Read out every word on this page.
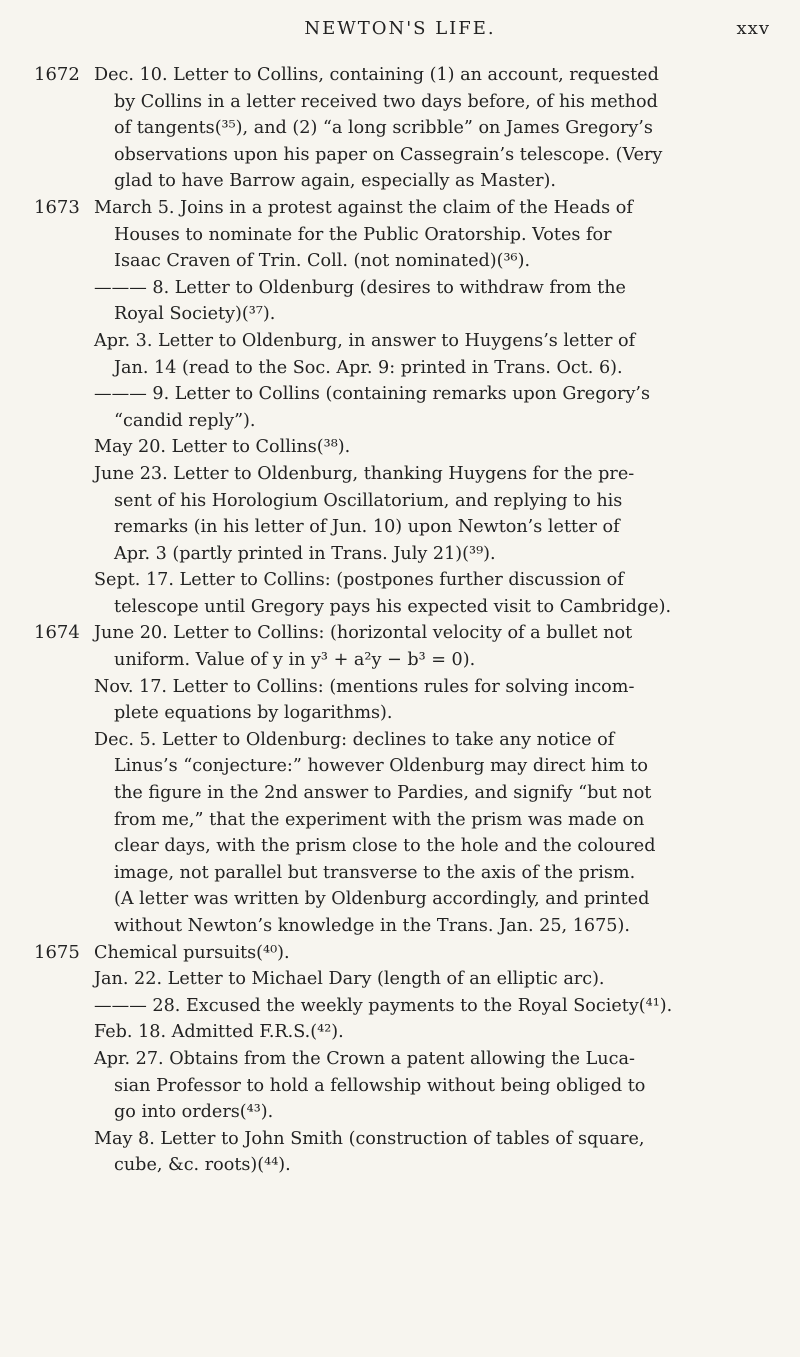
NEWTON'S LIFE.	xxv
1672 Dec. 10. Letter to Collins, containing (1) an account, requested
by Collins in a letter received two days before, of his method
of tangents(³⁵), and (2) “a long scribble” on James Gregory’s
observations upon his paper on Cassegrain’s telescope. (Very
glad to have Barrow again, especially as Master).
1673 March 5. Joins in a protest against the claim of the Heads of
Houses to nominate for the Public Oratorship. Votes for
Isaac Craven of Trin. Coll. (not nominated)(³⁶).
——— 8. Letter to Oldenburg (desires to withdraw from the
Royal Society)(³⁷).
Apr. 3. Letter to Oldenburg, in answer to Huygens’s letter of
Jan. 14 (read to the Soc. Apr. 9: printed in Trans. Oct. 6).
——— 9. Letter to Collins (containing remarks upon Gregory’s
“candid reply”).
May 20. Letter to Collins(³⁸).
June 23. Letter to Oldenburg, thanking Huygens for the pre-
sent of his Horologium Oscillatorium, and replying to his
remarks (in his letter of Jun. 10) upon Newton’s letter of
Apr. 3 (partly printed in Trans. July 21)(³⁹).
Sept. 17. Letter to Collins: (postpones further discussion of
telescope until Gregory pays his expected visit to Cambridge).
1674 June 20. Letter to Collins: (horizontal velocity of a bullet not
uniform. Value of y in y³ + a²y − b³ = 0).
Nov. 17. Letter to Collins: (mentions rules for solving incom-
plete equations by logarithms).
Dec. 5. Letter to Oldenburg: declines to take any notice of
Linus’s “conjecture:” however Oldenburg may direct him to
the figure in the 2nd answer to Pardies, and signify “but not
from me,” that the experiment with the prism was made on
clear days, with the prism close to the hole and the coloured
image, not parallel but transverse to the axis of the prism.
(A letter was written by Oldenburg accordingly, and printed
without Newton’s knowledge in the Trans. Jan. 25, 1675).
1675 Chemical pursuits(⁴⁰).
Jan. 22. Letter to Michael Dary (length of an elliptic arc).
——— 28. Excused the weekly payments to the Royal Society(⁴¹).
Feb. 18. Admitted F.R.S.(⁴²).
Apr. 27. Obtains from the Crown a patent allowing the Luca-
sian Professor to hold a fellowship without being obliged to
go into orders(⁴³).
May 8. Letter to John Smith (construction of tables of square,
cube, &c. roots)(⁴⁴).
